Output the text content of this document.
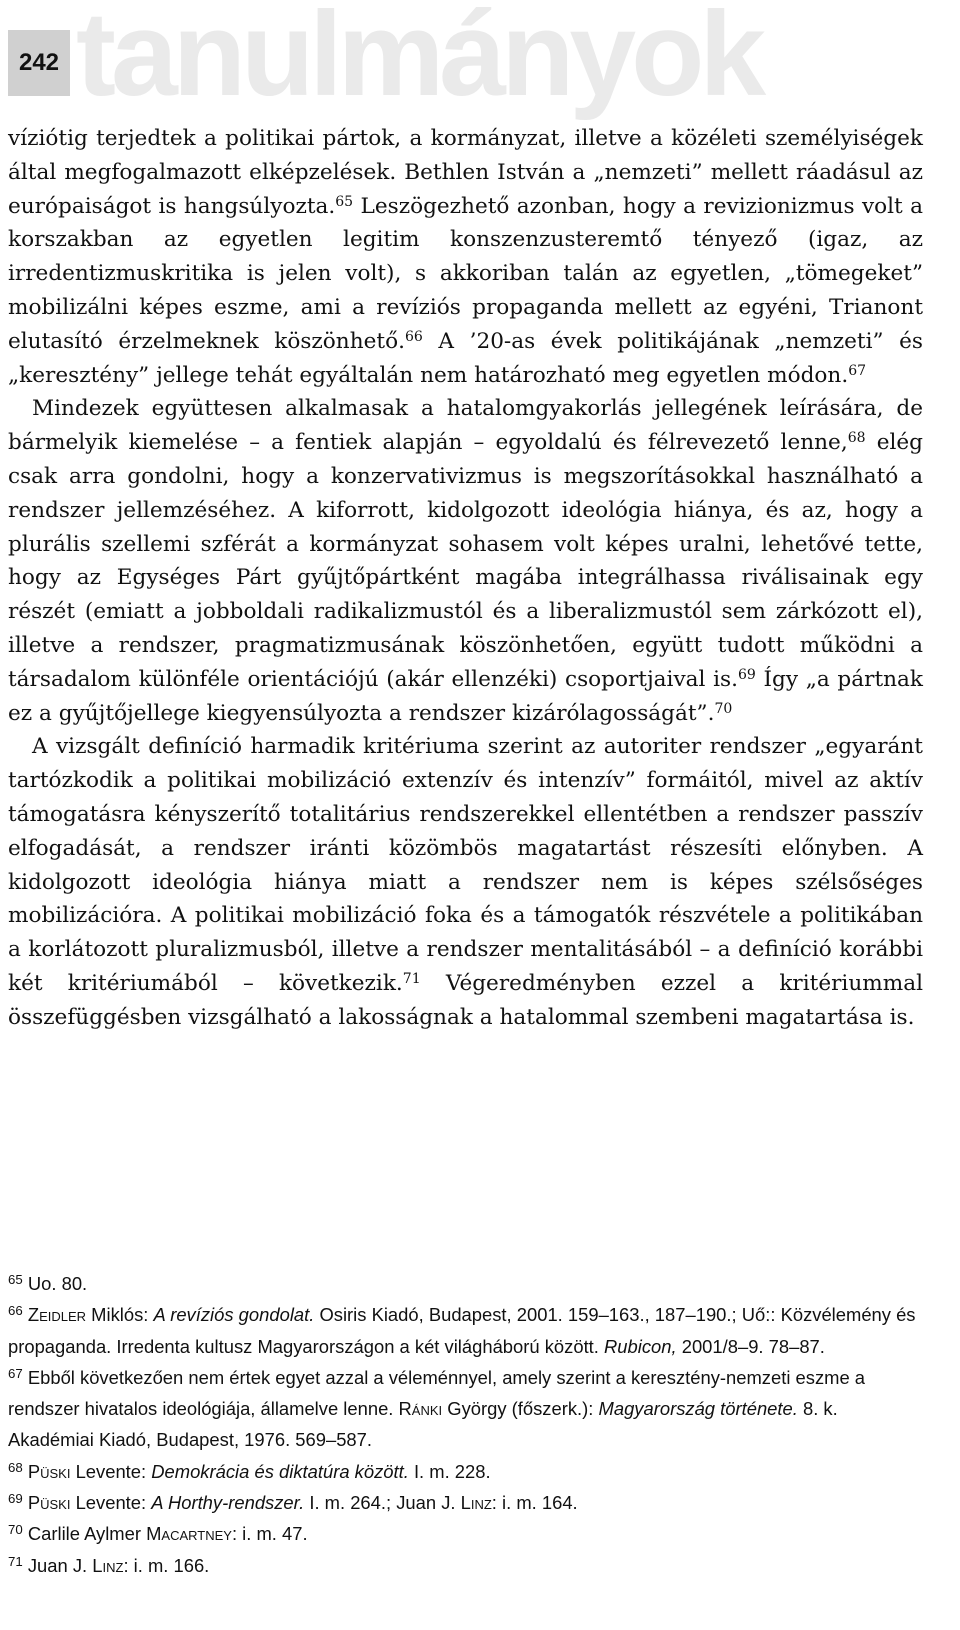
242 tanulmányok

víziótig terjedtek a politikai pártok, a kormányzat, illetve a közéleti személyiségek által megfogalmazott elképzelések. Bethlen István a „nemzeti” mellett ráadásul az európaiságot is hangsúlyozta.$^{65}$ Leszögezhető azonban, hogy a revizionizmus volt a korszakban az egyetlen legitim konszenzusteremtő tényező (igaz, az irredentizmuskritika is jelen volt), s akkoriban talán az egyetlen, „tömegeket” mobilizálni képes eszme, ami a revíziós propaganda mellett az egyéni, Trianont elutasító érzelmeknek köszönhető.$^{66}$ A ’20-as évek politikájának „nemzeti” és „keresztény” jellege tehát egyáltalán nem határozható meg egyetlen módon.$^{67}$

Mindezek együttesen alkalmasak a hatalomgyakorlás jellegének leírására, de bármelyik kiemelése – a fentiek alapján – egyoldalú és félrevezető lenne,$^{68}$ elég csak arra gondolni, hogy a konzervativizmus is megszorításokkal használható a rendszer jellemzéséhez. A kiforrott, kidolgozott ideológia hiánya, és az, hogy a plurális szellemi szférát a kormányzat sohasem volt képes uralni, lehetővé tette, hogy az Egységes Párt gyűjtőpártként magába integrálhassa riválisainak egy részét (emiatt a jobboldali radikalizmustól és a liberalizmustól sem zárkózott el), illetve a rendszer, pragmatizmusának köszönhetően, együtt tudott működni a társadalom különféle orientációjú (akár ellenzéki) csoportjaival is.$^{69}$ Így „a pártnak ez a gyűjtőjellege kiegyensúlyozta a rendszer kizárólagosságát”.$^{70}$

A vizsgált definíció harmadik kritériuma szerint az autoriter rendszer „egyaránt tartózkodik a politikai mobilizáció extenzív és intenzív” formáitól, mivel az aktív támogatásra kényszerítő totalitárius rendszerekkel ellentétben a rendszer passzív elfogadását, a rendszer iránti közömbös magatartást részesíti előnyben. A kidolgozott ideológia hiánya miatt a rendszer nem is képes szélsőséges mobilizációra. A politikai mobilizáció foka és a támogatók részvétele a politikában a korlátozott pluralizmusból, illetve a rendszer mentalitásából – a definíció korábbi két kritériumából – következik.$^{71}$ Végeredményben ezzel a kritériummal összefüggésben vizsgálható a lakosságnak a hatalommal szembeni magatartása is.

$^{65}$ Uo. 80.

$^{66}$ Zeidler Miklós: A revíziós gondolat. Osiris Kiadó, Budapest, 2001. 159–163., 187–190.; Uő:: Közvélemény és propaganda. Irredenta kultusz Magyarországon a két világháború között. Rubicon, 2001/8–9. 78–87.

$^{67}$ Ebből következően nem értek egyet azzal a véleménnyel, amely szerint a keresztény-nemzeti eszme a rendszer hivatalos ideológiája, államelve lenne. Ránki György (főszerk.): Magyarország története. 8. k. Akadémiai Kiadó, Budapest, 1976. 569–587.

$^{68}$ Püski Levente: Demokrácia és diktatúra között. I. m. 228.

$^{69}$ Püski Levente: A Horthy-rendszer. I. m. 264.; Juan J. Linz: i. m. 164.

$^{70}$ Carlile Aylmer Macartney: i. m. 47.

$^{71}$ Juan J. Linz: i. m. 166.
